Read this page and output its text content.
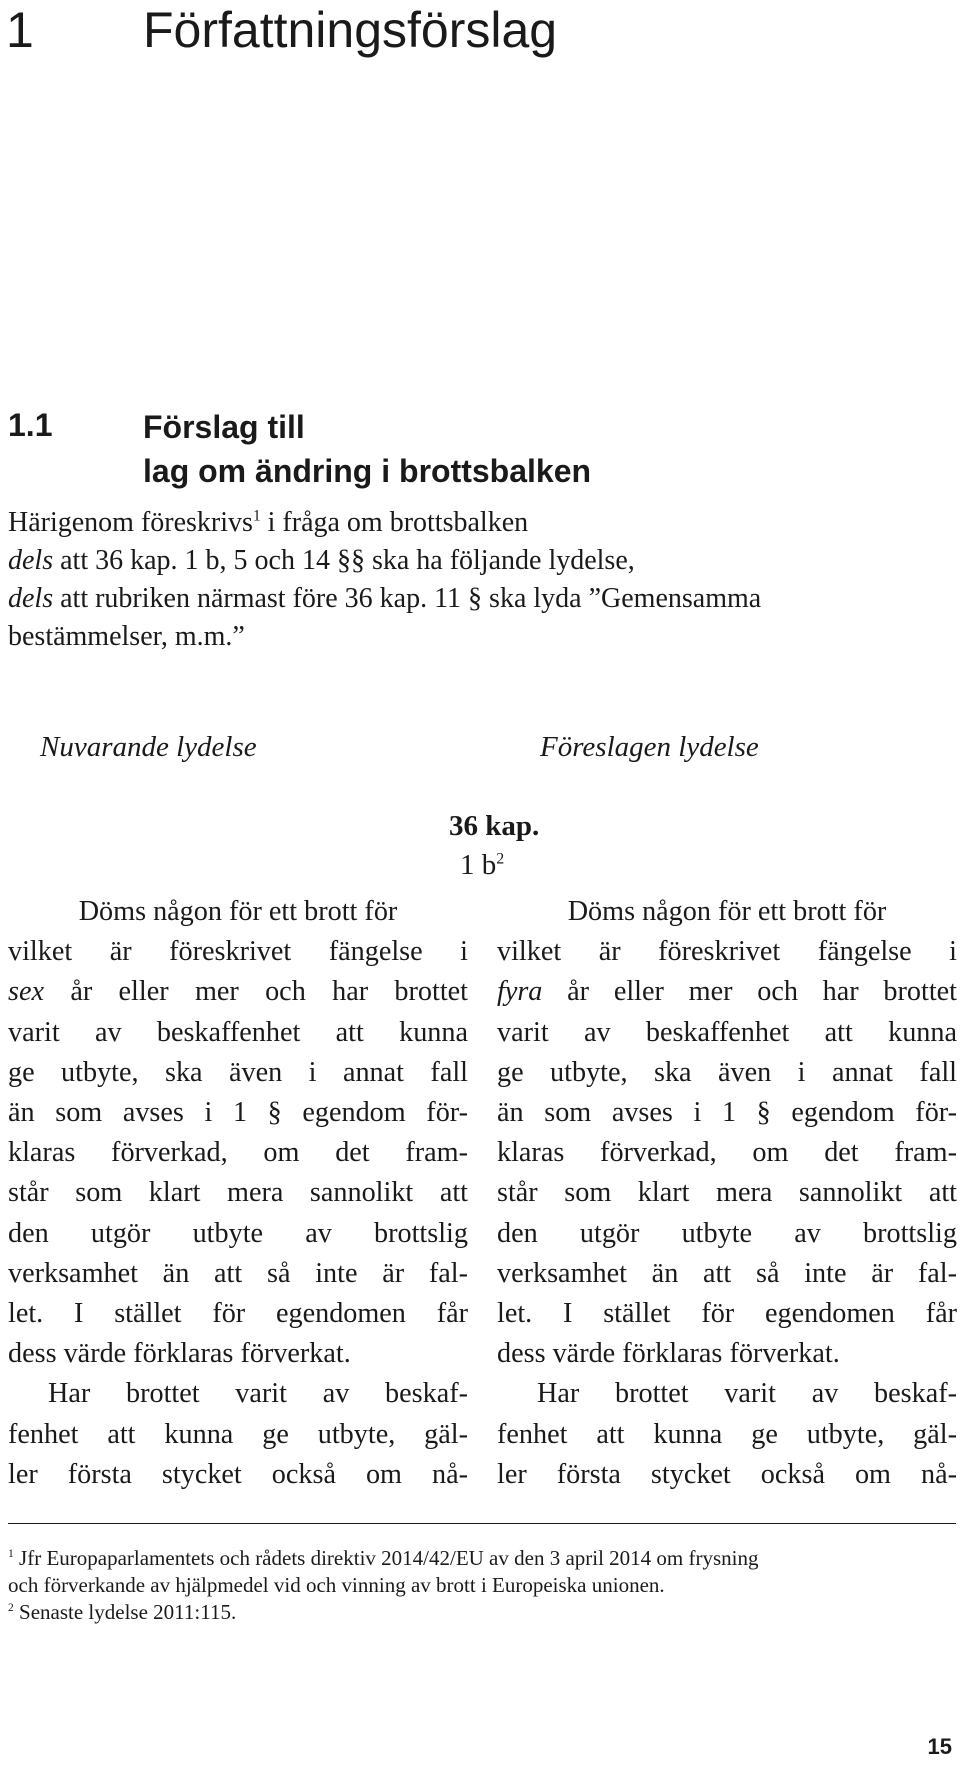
1 Författningsförslag
1.1	Förslag till
lag om ändring i brottsbalken
Härigenom föreskrivs$^1$ i fråga om brottsbalken
dels att 36 kap. 1 b, 5 och 14 §§ ska ha följande lydelse,
dels att rubriken närmast före 36 kap. 11 § ska lyda ”Gemensamma
bestämmelser, m.m.”
Nuvarande lydelse	Föreslagen lydelse
36 kap.
1 $b^2$
Döms någon för ett brott för
vilket är föreskrivet fängelse i
sex år eller mer och har brottet
varit av beskaffenhet att kunna
ge utbyte, ska även i annat fall
än som avses i 1 § egendom för-
klaras förverkad, om det fram-
står som klart mera sannolikt att
den utgör utbyte av brottslig
verksamhet än att så inte är fal-
let. I stället för egendomen får
dess värde förklaras förverkat.
Har brottet varit av beskaf-
fenhet att kunna ge utbyte, gäl-
ler första stycket också om nå-
Döms någon för ett brott för
vilket är föreskrivet fängelse i
fyra år eller mer och har brottet
varit av beskaffenhet att kunna
ge utbyte, ska även i annat fall
än som avses i 1 § egendom för-
klaras förverkad, om det fram-
står som klart mera sannolikt att
den utgör utbyte av brottslig
verksamhet än att så inte är fal-
let. I stället för egendomen får
dess värde förklaras förverkat.
Har brottet varit av beskaf-
fenhet att kunna ge utbyte, gäl-
ler första stycket också om nå-
$^1$ Jfr Europaparlamentets och rådets direktiv 2014/42/EU av den 3 april 2014 om frysning
och förverkande av hjälpmedel vid och vinning av brott i Europeiska unionen.
$^2$ Senaste lydelse 2011:115.
15
